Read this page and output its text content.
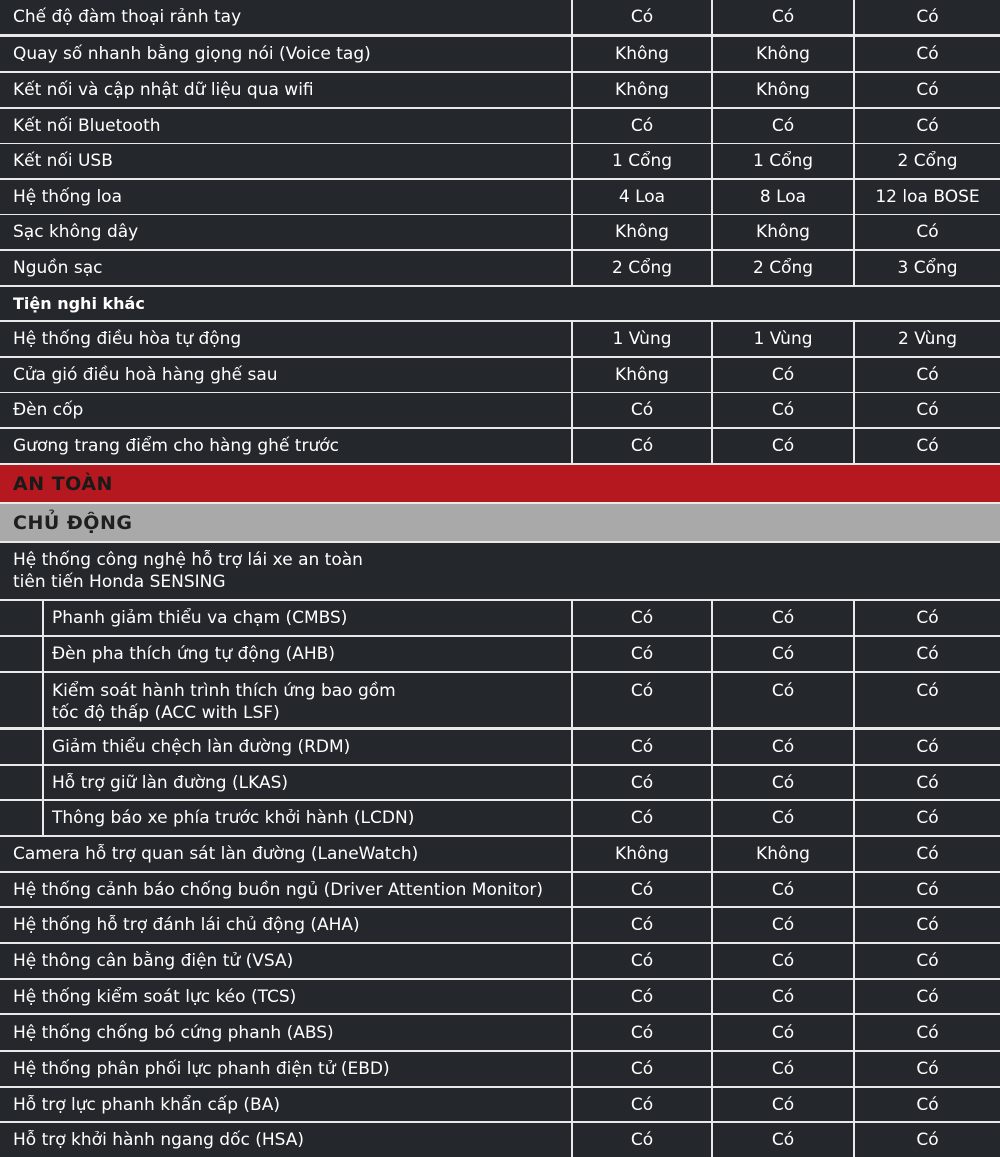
Chế độ đàm thoại rảnh tay	Có	Có	Có
Quay số nhanh bằng giọng nói (Voice tag)	Không	Không	Có
Kết nối và cập nhật dữ liệu qua wifi	Không	Không	Có
Kết nối Bluetooth	Có	Có	Có
Kết nối USB	1 Cổng	1 Cổng	2 Cổng
Hệ thống loa	4 Loa	8 Loa	12 loa BOSE
Sạc không dây	Không	Không	Có
Nguồn sạc	2 Cổng	2 Cổng	3 Cổng
Tiện nghi khác
Hệ thống điều hòa tự động	1 Vùng	1 Vùng	2 Vùng
Cửa gió điều hoà hàng ghế sau	Không	Có	Có
Đèn cốp	Có	Có	Có
Gương trang điểm cho hàng ghế trước	Có	Có	Có
AN TOÀN
CHỦ ĐỘNG
Hệ thống công nghệ hỗ trợ lái xe an toàn
tiên tiến Honda SENSING
Phanh giảm thiểu va chạm (CMBS)	Có	Có	Có
Đèn pha thích ứng tự động (AHB)	Có	Có	Có
Kiểm soát hành trình thích ứng bao gồm
tốc độ thấp (ACC with LSF)
Có	Có	Có
Giảm thiểu chệch làn đường (RDM)	Có	Có	Có
Hỗ trợ giữ làn đường (LKAS)	Có	Có	Có
Thông báo xe phía trước khởi hành (LCDN)	Có	Có	Có
Camera hỗ trợ quan sát làn đường (LaneWatch)	Không	Không	Có
Hệ thống cảnh báo chống buồn ngủ (Driver Attention Monitor)	Có	Có	Có
Hệ thống hỗ trợ đánh lái chủ động (AHA)	Có	Có	Có
Hệ thông cân bằng điện tử (VSA)	Có	Có	Có
Hệ thống kiểm soát lực kéo (TCS)	Có	Có	Có
Hệ thống chống bó cứng phanh (ABS)	Có	Có	Có
Hệ thống phân phối lực phanh điện tử (EBD)	Có	Có	Có
Hỗ trợ lực phanh khẩn cấp (BA)	Có	Có	Có
Hỗ trợ khởi hành ngang dốc (HSA)	Có	Có	Có
